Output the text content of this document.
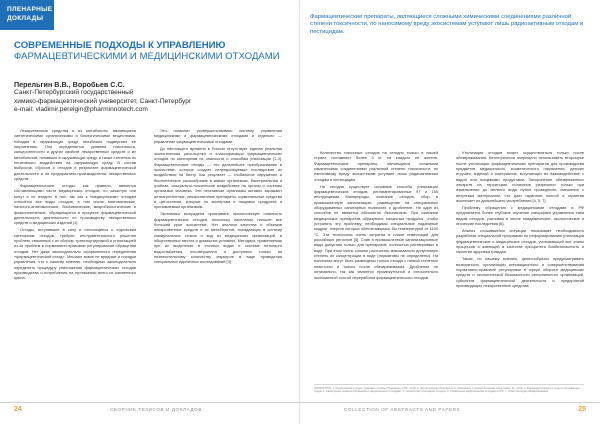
ПЛЕНАРНЫЕ ДОКЛАДЫ
СОВРЕМЕННЫЕ ПОДХОДЫ К УПРАВЛЕНИЮ
ФАРМАЦЕВТИЧЕСКИМИ И МЕДИЦИНСКИМИ ОТХОДАМИ
Перельгин В.В., Воробьев С.С.
Санкт-Петербургский государственный
химико-фармацевтический университет, Санкт-Петербург
e-mail: vladimir.perelgin@pharminnotech.com

Лекарственные средства и их метаболиты, являющиеся синтетическими органическими и биологическими веществами, попадая в окружающую среду, неизбежно подвергают ее загрязнению. Оно определяется уровнем токсичности, канцерогенности и других свойств лекарственных средств и их метаболитов, попавших в окружающую среду, а также степенью их негативного воздействия на окружающую среду. В состав выбросов, сбросов и отходов в результате фармацевтической деятельности и на предприятиях-производителях лекарственных средств.

Фармацевтические отходы, как правило, являются составляющими части медицинских отходов, но зачастую они могут и не входить в них, так как к «медицинским» отходам относятся все виды отходов, в том числе анатомические, патолого-анатомические, биохимические, микробиологические и физиологические, образующиеся в процессе фармацевтической деятельности, деятельности по производству лекарственных средств и медицинских изделий [1].

Отходы, вступившие в силу и относящиеся к отдельным категориям отходов, требуют инструментального решения проблем, связанных с их сбором, транспортировкой и утилизацией из-за проблем в нормативно-правовом регулировании обращения отходов. Нет даже законодательно оформленного определения «фармацевтический отход». Мешают вовсе не вредные и порядки управления, что к нашему мнению, необходимо законодательно определить процедуру уничтожения фармацевтических отходов производства и потребления на протяжении всего их жизненного цикла.

Это позволит усовершенствовать систему управления медицинскими и фармацевтическими отходами и отдельно — управление фармацевтическими отходами.

До настоящего времени в России отсутствует единая реальная экологическая риск-оценка и классификация фармацевтических отходов по категориям их опасности и способам утилизации [1-3]. Фармацевтические отходы — это дальнейшее преобразование в экосистеме, которое создает непредсказуемые последствия их воздействия на биоту. Как результат — глобальное нарушение и биологическое разнообразие в живых организмах, бактериальная и грибная, сексуально-токсическое воздействие на органы и системы организма человека. Эти негативные организмы активно заражают антиагрегантные, лекарственные препараты, гормональные средства и цитостатики, которые по экспертам в пищевых продуктах и принимаемым организмом.

Экономика вынуждена признавать экологическую опасность фармацевтических отходов, поскольку население наносят все больший урон экосистеме. Нет анализа качества и объемов лекарственных средств и их метаболитов, попадающих в систему коммунальных стоков и вод из медицинских организаций, в общественных местах и домашних условиях. Методика, применяемая при их выделении в сточных водах и системе питьевого водоснабжения, несовершенна и доступных только по незначительному количеству маркеров в виде проведения специальных единичных исследований [3].

24	СБОРНИК ТЕЗИСОВ И ДОКЛАДОВ
Фармацевтические препараты, являющиеся сложными химическими соединениями различной степени токсичности, по наносимому вреду экосистемам уступают лишь радиоактивным отходам и пестицидам.

Количество токсичных отходов на сегодня только в нашей стране составляет более 3 кг. на каждого ее жителя. Фармацевтические препараты, являющиеся сложными химическими соединениями различной степени токсичности, по наносимому вреду экосистемам уступают лишь радиоактивным отходам и пестицидам.

На сегодня существует основные способы утилизации фармацевтических отходов, регламентированных 97 и 155 инструкциями Минприроды, сжигание отходов, сбор в промышленную канализацию, размещение на специальных оборудованных санитарных полигонах и дробление. Ни один из способов не является абсолютно безопасным. При сжигании медицинских препаратов образуются токсичные продукты. Чтобы устранить эту проблему, необходимы специальные подземные модули, энергия которых обеспечивалась бы температурой от 1100 °C. Эта технология очень затратна в плане инвестиций для российских регионов [5]. Слив в промышленные канализационные воды допустим только для препаратов, полностью растворимых в воде. При этом очень сложно рассчитать максимально допустимую степень их концентрации в воде (нормативы не определены). На полигонах могут быть размещены только отходы с низкой степенью опасности и только после обезвреживания. Дробление не оптимально, так как является промежуточной и относительно экономичной способ переработки фармацевтического отходов.

Утилизация отходов может осуществляться только после обезвреживания. Категорически запрещено использовать вторсырье после утилизации фармацевтических препаратов для производства предметов медицинского, косметического назначения, детских игрушек, изделий и материалов, вступающих во взаимодействие с водой или пищевыми продуктами. Захоронение обезвреженных лекарств на территории полигонов разрешено только при измельчении до мелкого вида путем проведения, смешения с инертным материалом, что дает гарантию полной и гарантия исключает их дальнейшего употребления [4, 5, 7].

Проблему обращения с медицинскими отходами в РФ предлагается более глубокое изучение специфики управления этим видом отходов, учитывая в числе эпидемические, экологические и этические последствия [6].

Анализ сложившейся ситуации показывает необходимость разработки специальной программы по реформированию утилизации фармацевтических и медицинских отходов, учитывающей все этапы процессов и имеющей в качестве приоритета биобезопасность и гарантии здоровья граждан.

Также, по нашему мнению, целесообразно предусматривать возможность организации инновационного и совершенствования нормативно-правовой регулировки в сфере оборота медицинских средств и экологической безопасности регионального организаций, субъектов фармацевтической деятельности и предприятий производящих лекарственные средства.

ЛИТЕРАТУРА: 1. Медицинские отходы: правовые основы обращения. СПб., 2018. 2. Экологическая безопасность обращения с лекарственными средствами. М., 2019. 3. Фармацевтические отходы и окружающая среда. 4. Санитарные правила обращения с медицинскими отходами. 5. Технологии утилизации отходов. 6. Управление медицинскими отходами в РФ. 7. Обзор методов обезвреживания.
COLLECTION OF ABSTRACTS AND PAPERS	25
